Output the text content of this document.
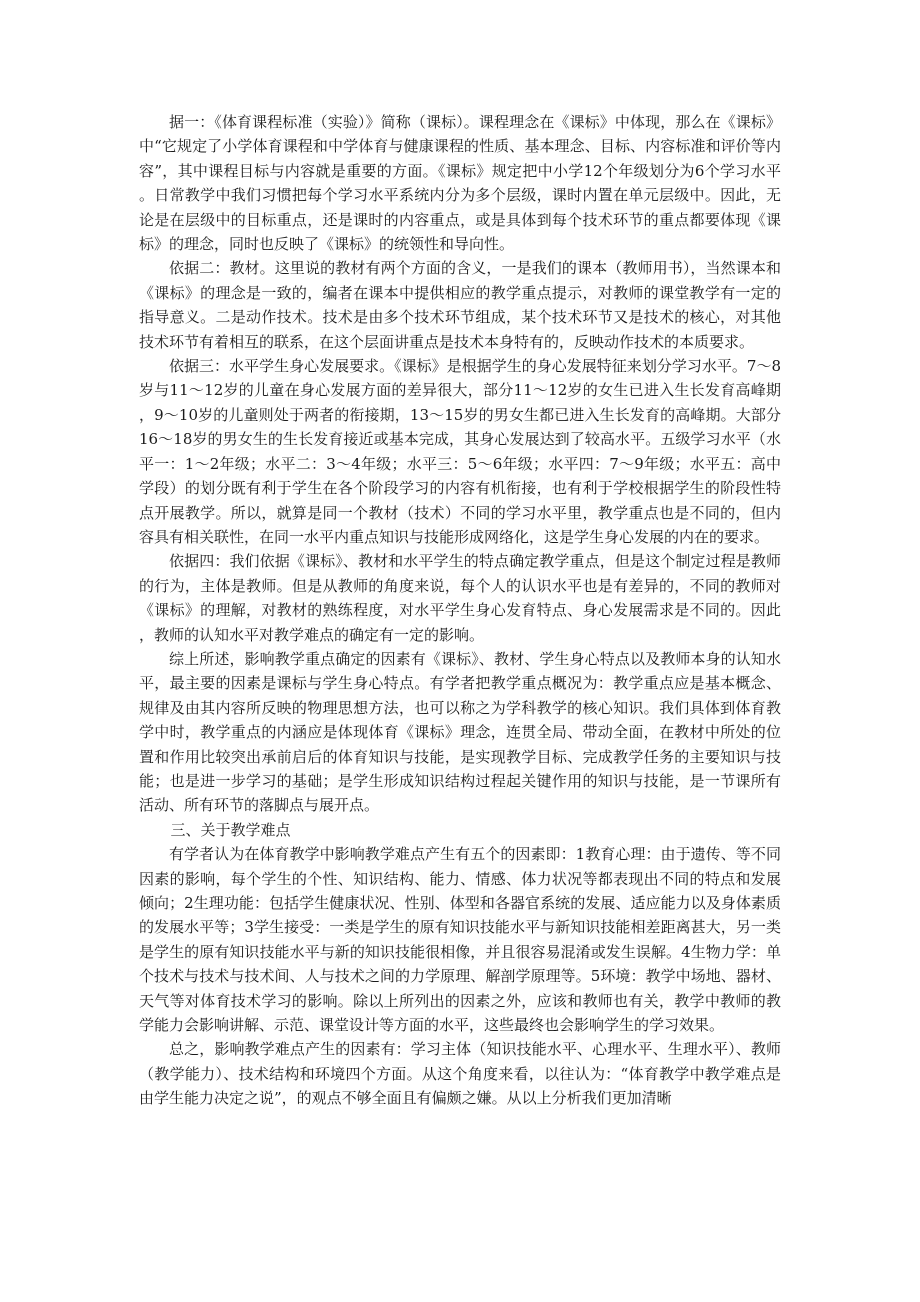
据一：《体育课程标准（实验）》简称（课标）。课程理念在《课标》中体现，那么在《课标》中“它规定了小学体育课程和中学体育与健康课程的性质、基本理念、目标、内容标准和评价等内容”，其中课程目标与内容就是重要的方面。《课标》规定把中小学12个年级划分为6个学习水平。日常教学中我们习惯把每个学习水平系统内分为多个层级，课时内置在单元层级中。因此，无论是在层级中的目标重点，还是课时的内容重点，或是具体到每个技术环节的重点都要体现《课标》的理念，同时也反映了《课标》的统领性和导向性。

依据二：教材。这里说的教材有两个方面的含义，一是我们的课本（教师用书），当然课本和《课标》的理念是一致的，编者在课本中提供相应的教学重点提示，对教师的课堂教学有一定的指导意义。二是动作技术。技术是由多个技术环节组成，某个技术环节又是技术的核心，对其他技术环节有着相互的联系，在这个层面讲重点是技术本身特有的，反映动作技术的本质要求。

依据三：水平学生身心发展要求。《课标》是根据学生的身心发展特征来划分学习水平。7～8岁与11～12岁的儿童在身心发展方面的差异很大，部分11～12岁的女生已进入生长发育高峰期，9～10岁的儿童则处于两者的衔接期，13～15岁的男女生都已进入生长发育的高峰期。大部分16～18岁的男女生的生长发育接近或基本完成，其身心发展达到了较高水平。五级学习水平（水平一：1～2年级；水平二：3～4年级；水平三：5～6年级；水平四：7～9年级；水平五：高中学段）的划分既有利于学生在各个阶段学习的内容有机衔接，也有利于学校根据学生的阶段性特点开展教学。所以，就算是同一个教材（技术）不同的学习水平里，教学重点也是不同的，但内容具有相关联性，在同一水平内重点知识与技能形成网络化，这是学生身心发展的内在的要求。

依据四：我们依据《课标》、教材和水平学生的特点确定教学重点，但是这个制定过程是教师的行为，主体是教师。但是从教师的角度来说，每个人的认识水平也是有差异的，不同的教师对《课标》的理解，对教材的熟练程度，对水平学生身心发育特点、身心发展需求是不同的。因此，教师的认知水平对教学难点的确定有一定的影响。

综上所述，影响教学重点确定的因素有《课标》、教材、学生身心特点以及教师本身的认知水平，最主要的因素是课标与学生身心特点。有学者把教学重点概况为：教学重点应是基本概念、规律及由其内容所反映的物理思想方法，也可以称之为学科教学的核心知识。我们具体到体育教学中时，教学重点的内涵应是体现体育《课标》理念，连贯全局、带动全面，在教材中所处的位置和作用比较突出承前启后的体育知识与技能，是实现教学目标、完成教学任务的主要知识与技能；也是进一步学习的基础；是学生形成知识结构过程起关键作用的知识与技能，是一节课所有活动、所有环节的落脚点与展开点。

三、关于教学难点

有学者认为在体育教学中影响教学难点产生有五个的因素即：1教育心理：由于遗传、等不同因素的影响，每个学生的个性、知识结构、能力、情感、体力状况等都表现出不同的特点和发展倾向；2生理功能：包括学生健康状况、性别、体型和各器官系统的发展、适应能力以及身体素质的发展水平等；3学生接受：一类是学生的原有知识技能水平与新知识技能相差距离甚大，另一类是学生的原有知识技能水平与新的知识技能很相像，并且很容易混淆或发生误解。4生物力学：单个技术与技术与技术间、人与技术之间的力学原理、解剖学原理等。5环境：教学中场地、器材、天气等对体育技术学习的影响。除以上所列出的因素之外，应该和教师也有关，教学中教师的教学能力会影响讲解、示范、课堂设计等方面的水平，这些最终也会影响学生的学习效果。

总之，影响教学难点产生的因素有：学习主体（知识技能水平、心理水平、生理水平）、教师（教学能力）、技术结构和环境四个方面。从这个角度来看，以往认为：“体育教学中教学难点是由学生能力决定之说”，的观点不够全面且有偏颇之嫌。从以上分析我们更加清晰
